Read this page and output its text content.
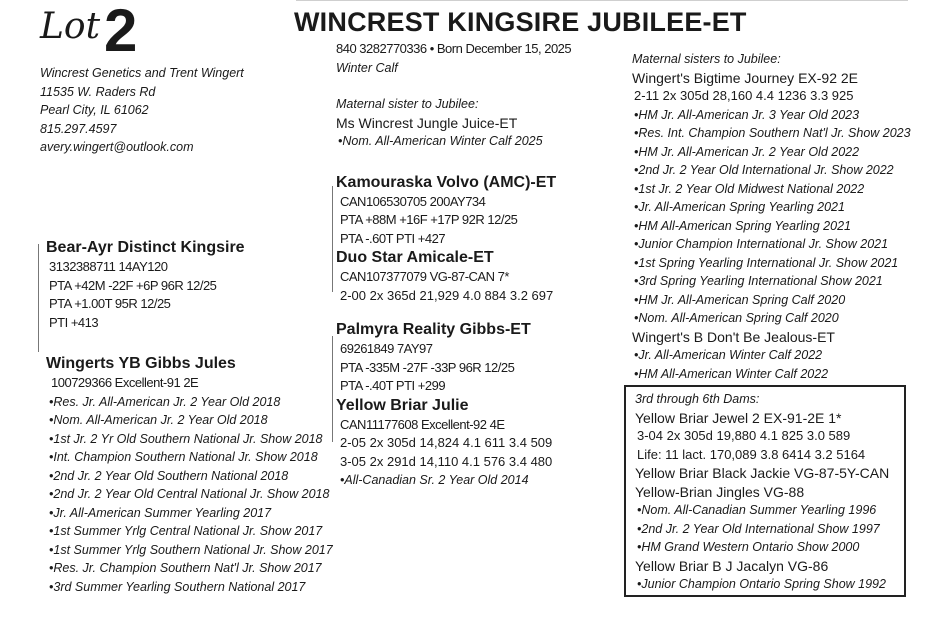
Lot 2	WINCREST KINGSIRE JUBILEE-ET
Wincrest Genetics and Trent Wingert
11535 W. Raders Rd
Pearl City, IL 61062
815.297.4597
avery.wingert@outlook.com
Bear-Ayr Distinct Kingsire
3132388711 14AY120
PTA +42M -22F +6P 96R 12/25
PTA +1.00T 95R 12/25
PTI +413
Wingerts YB Gibbs Jules
100729366 Excellent-91 2E
•Res. Jr. All-American Jr. 2 Year Old 2018
•Nom. All-American Jr. 2 Year Old 2018
•1st Jr. 2 Yr Old Southern National Jr. Show 2018
•Int. Champion Southern National Jr. Show 2018
•2nd Jr. 2 Year Old Southern National 2018
•2nd Jr. 2 Year Old Central National Jr. Show 2018
•Jr. All-American Summer Yearling 2017
•1st Summer Yrlg Central National Jr. Show 2017
•1st Summer Yrlg Southern National Jr. Show 2017
•Res. Jr. Champion Southern Nat'l Jr. Show 2017
•3rd Summer Yearling Southern National 2017
840 3282770336 • Born December 15, 2025
Winter Calf
Maternal sister to Jubilee:
Ms Wincrest Jungle Juice-ET
•Nom. All-American Winter Calf 2025
Kamouraska Volvo (AMC)-ET
CAN106530705 200AY734
PTA +88M +16F +17P 92R 12/25
PTA -.60T PTI +427
Duo Star Amicale-ET
CAN107377079 VG-87-CAN 7*
2-00 2x 365d 21,929 4.0 884 3.2 697
Palmyra Reality Gibbs-ET
69261849 7AY97
PTA -335M -27F -33P 96R 12/25
PTA -.40T PTI +299
Yellow Briar Julie
CAN11177608 Excellent-92 4E
2-05 2x 305d 14,824 4.1 611 3.4 509
3-05 2x 291d 14,110 4.1 576 3.4 480
•All-Canadian Sr. 2 Year Old 2014
Maternal sisters to Jubilee:
Wingert's Bigtime Journey EX-92 2E
2-11 2x 305d 28,160 4.4 1236 3.3 925
•HM Jr. All-American Jr. 3 Year Old 2023
•Res. Int. Champion Southern Nat'l Jr. Show 2023
•HM Jr. All-American Jr. 2 Year Old 2022
•2nd Jr. 2 Year Old International Jr. Show 2022
•1st Jr. 2 Year Old Midwest National 2022
•Jr. All-American Spring Yearling 2021
•HM All-American Spring Yearling 2021
•Junior Champion International Jr. Show 2021
•1st Spring Yearling International Jr. Show 2021
•3rd Spring Yearling International Show 2021
•HM Jr. All-American Spring Calf 2020
•Nom. All-American Spring Calf 2020
Wingert's B Don't Be Jealous-ET
•Jr. All-American Winter Calf 2022
•HM All-American Winter Calf 2022
3rd through 6th Dams:
Yellow Briar Jewel 2 EX-91-2E 1*
3-04 2x 305d 19,880 4.1 825 3.0 589
Life: 11 lact. 170,089 3.8 6414 3.2 5164
Yellow Briar Black Jackie VG-87-5Y-CAN
Yellow-Brian Jingles VG-88
•Nom. All-Canadian Summer Yearling 1996
•2nd Jr. 2 Year Old International Show 1997
•HM Grand Western Ontario Show 2000
Yellow Briar B J Jacalyn VG-86
•Junior Champion Ontario Spring Show 1992
